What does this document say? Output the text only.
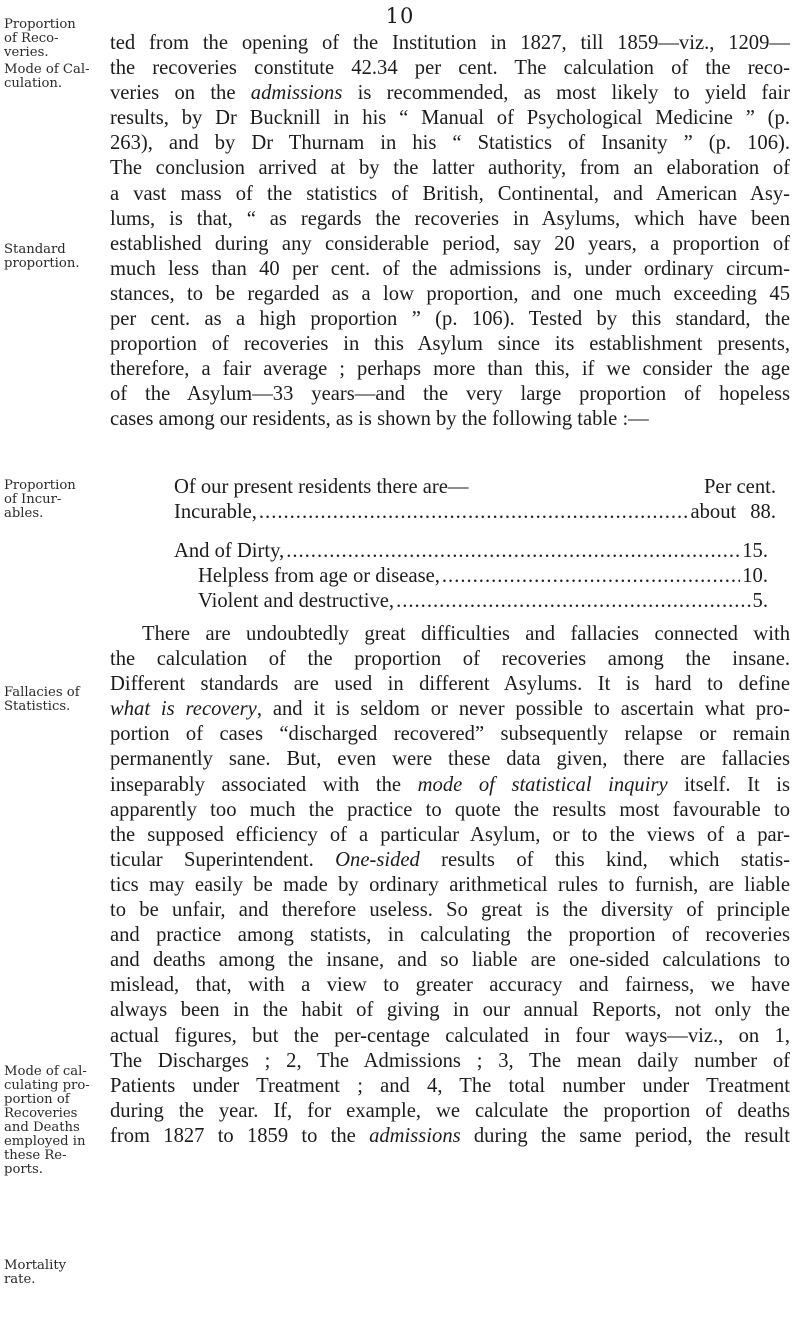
10
Proportion of Reco-veries.
Mode of Cal-culation.
Standard proportion.
Proportion of Incur-ables.
Fallacies of Statistics.
Mode of cal-culating pro-portion of Recoveries and Deaths employed in these Re-ports.
Mortality rate.
ted from the opening of the Institution in 1827, till 1859—viz., 1209—
the recoveries constitute 42.34 per cent. The calculation of the reco-
veries on the admissions is recommended, as most likely to yield fair
results, by Dr Bucknill in his “ Manual of Psychological Medicine ” (p.
263), and by Dr Thurnam in his “ Statistics of Insanity ” (p. 106).
The conclusion arrived at by the latter authority, from an elaboration of
a vast mass of the statistics of British, Continental, and American Asy-
lums, is that, “ as regards the recoveries in Asylums, which have been
established during any considerable period, say 20 years, a proportion of
much less than 40 per cent. of the admissions is, under ordinary circum-
stances, to be regarded as a low proportion, and one much exceeding 45
per cent. as a high proportion ” (p. 106). Tested by this standard, the
proportion of recoveries in this Asylum since its establishment presents,
therefore, a fair average ; perhaps more than this, if we consider the age
of the Asylum—33 years—and the very large proportion of hopeless
cases among our residents, as is shown by the following table :—
Of our present residents there are—	Per cent.
Incurable, .....	about 88.
And of Dirty, .....	15.
Helpless from age or disease, .....	10.
Violent and destructive, .....	5.
There are undoubtedly great difficulties and fallacies connected with
the calculation of the proportion of recoveries among the insane.
Different standards are used in different Asylums. It is hard to define
what is recovery, and it is seldom or never possible to ascertain what pro-
portion of cases “discharged recovered” subsequently relapse or remain
permanently sane. But, even were these data given, there are fallacies
inseparably associated with the mode of statistical inquiry itself. It is
apparently too much the practice to quote the results most favourable to
the supposed efficiency of a particular Asylum, or to the views of a par-
ticular Superintendent. One-sided results of this kind, which statis-
tics may easily be made by ordinary arithmetical rules to furnish, are liable
to be unfair, and therefore useless. So great is the diversity of principle
and practice among statists, in calculating the proportion of recoveries
and deaths among the insane, and so liable are one-sided calculations to
mislead, that, with a view to greater accuracy and fairness, we have
always been in the habit of giving in our annual Reports, not only the
actual figures, but the per-centage calculated in four ways—viz., on 1,
The Discharges ; 2, The Admissions ; 3, The mean daily number of
Patients under Treatment ; and 4, The total number under Treatment
during the year. If, for example, we calculate the proportion of deaths
from 1827 to 1859 to the admissions during the same period, the result
